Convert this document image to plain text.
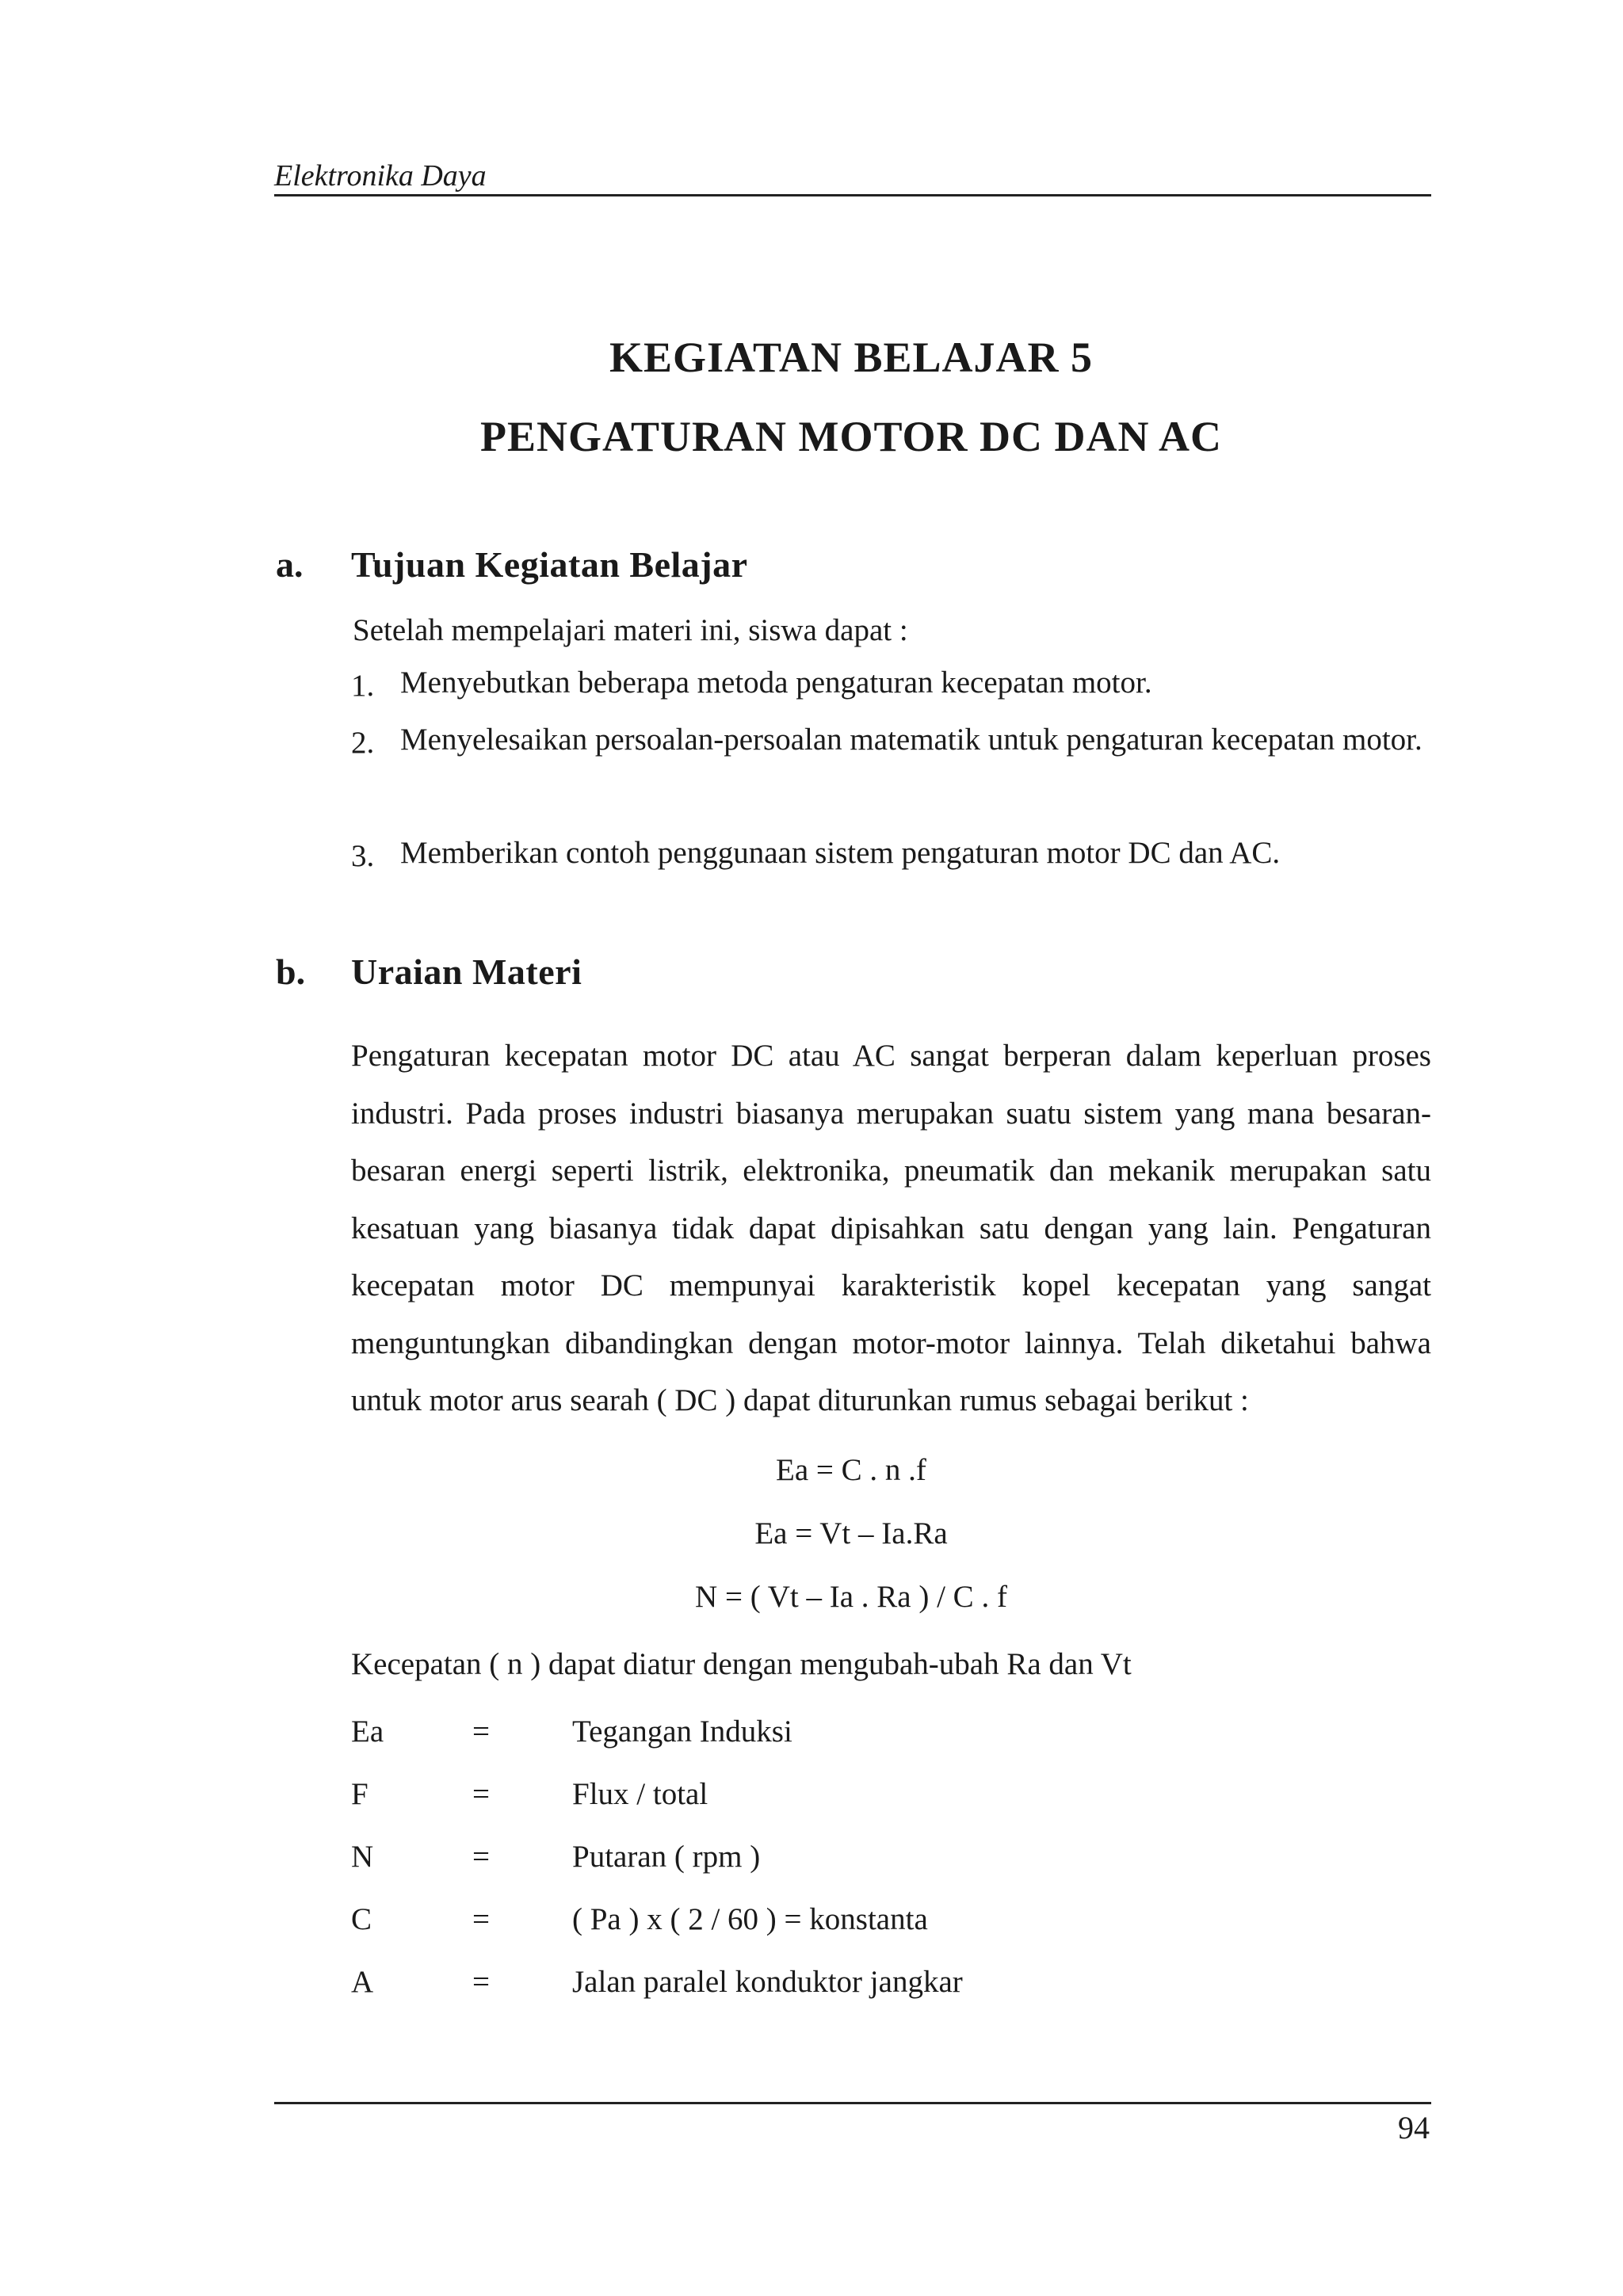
Elektronika Daya
KEGIATAN BELAJAR 5
PENGATURAN MOTOR DC DAN AC
a. Tujuan Kegiatan Belajar
Setelah mempelajari materi ini, siswa dapat :
1. Menyebutkan beberapa metoda pengaturan kecepatan motor.
2. Menyelesaikan persoalan-persoalan matematik untuk pengaturan kecepatan motor.
3. Memberikan contoh penggunaan sistem pengaturan motor DC dan AC.
b. Uraian Materi
Pengaturan kecepatan motor DC atau AC sangat berperan dalam keperluan proses
industri. Pada proses industri biasanya merupakan suatu sistem yang mana besaran-
besaran energi seperti listrik, elektronika, pneumatik dan mekanik merupakan satu
kesatuan yang biasanya tidak dapat dipisahkan satu dengan yang lain. Pengaturan
kecepatan motor DC mempunyai karakteristik kopel kecepatan yang sangat
menguntungkan dibandingkan dengan motor-motor lainnya. Telah diketahui bahwa
untuk motor arus searah ( DC ) dapat diturunkan rumus sebagai berikut :
Ea = C . n .f
Ea = Vt – Ia.Ra
N = ( Vt – Ia . Ra ) / C . f
Kecepatan ( n ) dapat diatur dengan mengubah-ubah Ra dan Vt
Ea	=	Tegangan Induksi
F	=	Flux / total
N	=	Putaran ( rpm )
C	=	( Pa ) x ( 2 / 60 ) = konstanta
A	=	Jalan paralel konduktor jangkar
94
